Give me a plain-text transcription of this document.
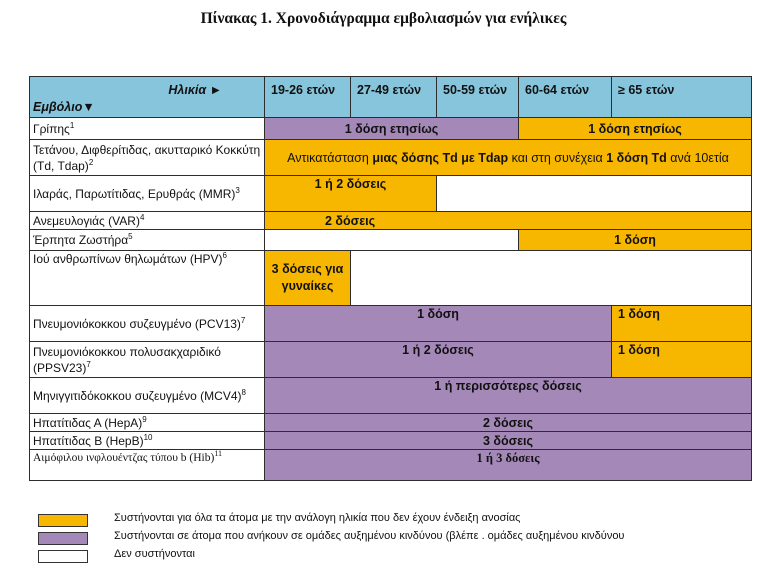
Πίνακας 1. Χρονοδιάγραμμα εμβολιασμών για ενήλικες
Ηλικία ►
Εμβόλιο▼	19-26 ετών	27-49 ετών	50-59 ετών	60-64 ετών	≥ 65 ετών
Γρίπης$^1$	1 δόση ετησίως			1 δόση ετησίως	
Τετάνου, Διφθερίτιδας, ακυτταρικό Κοκκύτη (Td, Tdap)$^2$	Αντικατάσταση μιας δόσης Td με Tdap και στη συνέχεια 1 δόση Td ανά 10ετία				
Ιλαράς, Παρωτίτιδας, Ερυθράς (MMR)$^3$	1 ή 2 δόσεις				
Ανεμευλογιάς (VAR)$^4$	2 δόσεις				
Έρπητα Ζωστήρα$^5$				1 δόση	
Ιού ανθρωπίνων θηλωμάτων (HPV)$^6$	3 δόσεις για γυναίκες				
Πνευμονιόκοκκου συζευγμένο $(PCV13)^7$	1 δόση				1 δόση
Πνευμονιόκοκκου πολυσακχαριδικό (PPSV23)$^7$	1 ή 2 δόσεις				1 δόση
Μηνιγγιτιδόκοκκου συζευγμένο $(MCV4)^8$	1 ή περισσότερες δόσεις				
Ηπατίτιδας Α (HepA)$^9$	2 δόσεις				
Ηπατίτιδας Β (HepB)$^{10}$	3 δόσεις				
Αιμόφιλου ινφλουέντζας τύπου b (Hib)$^{11}$	1 ή 3 δόσεις				
Συστήνονται για όλα τα άτομα με την ανάλογη ηλικία που δεν έχουν ένδειξη ανοσίας
Συστήνονται σε άτομα που ανήκουν σε ομάδες αυξημένου κινδύνου (βλέπε . ομάδες αυξημένου κινδύνου
Δεν συστήνονται
